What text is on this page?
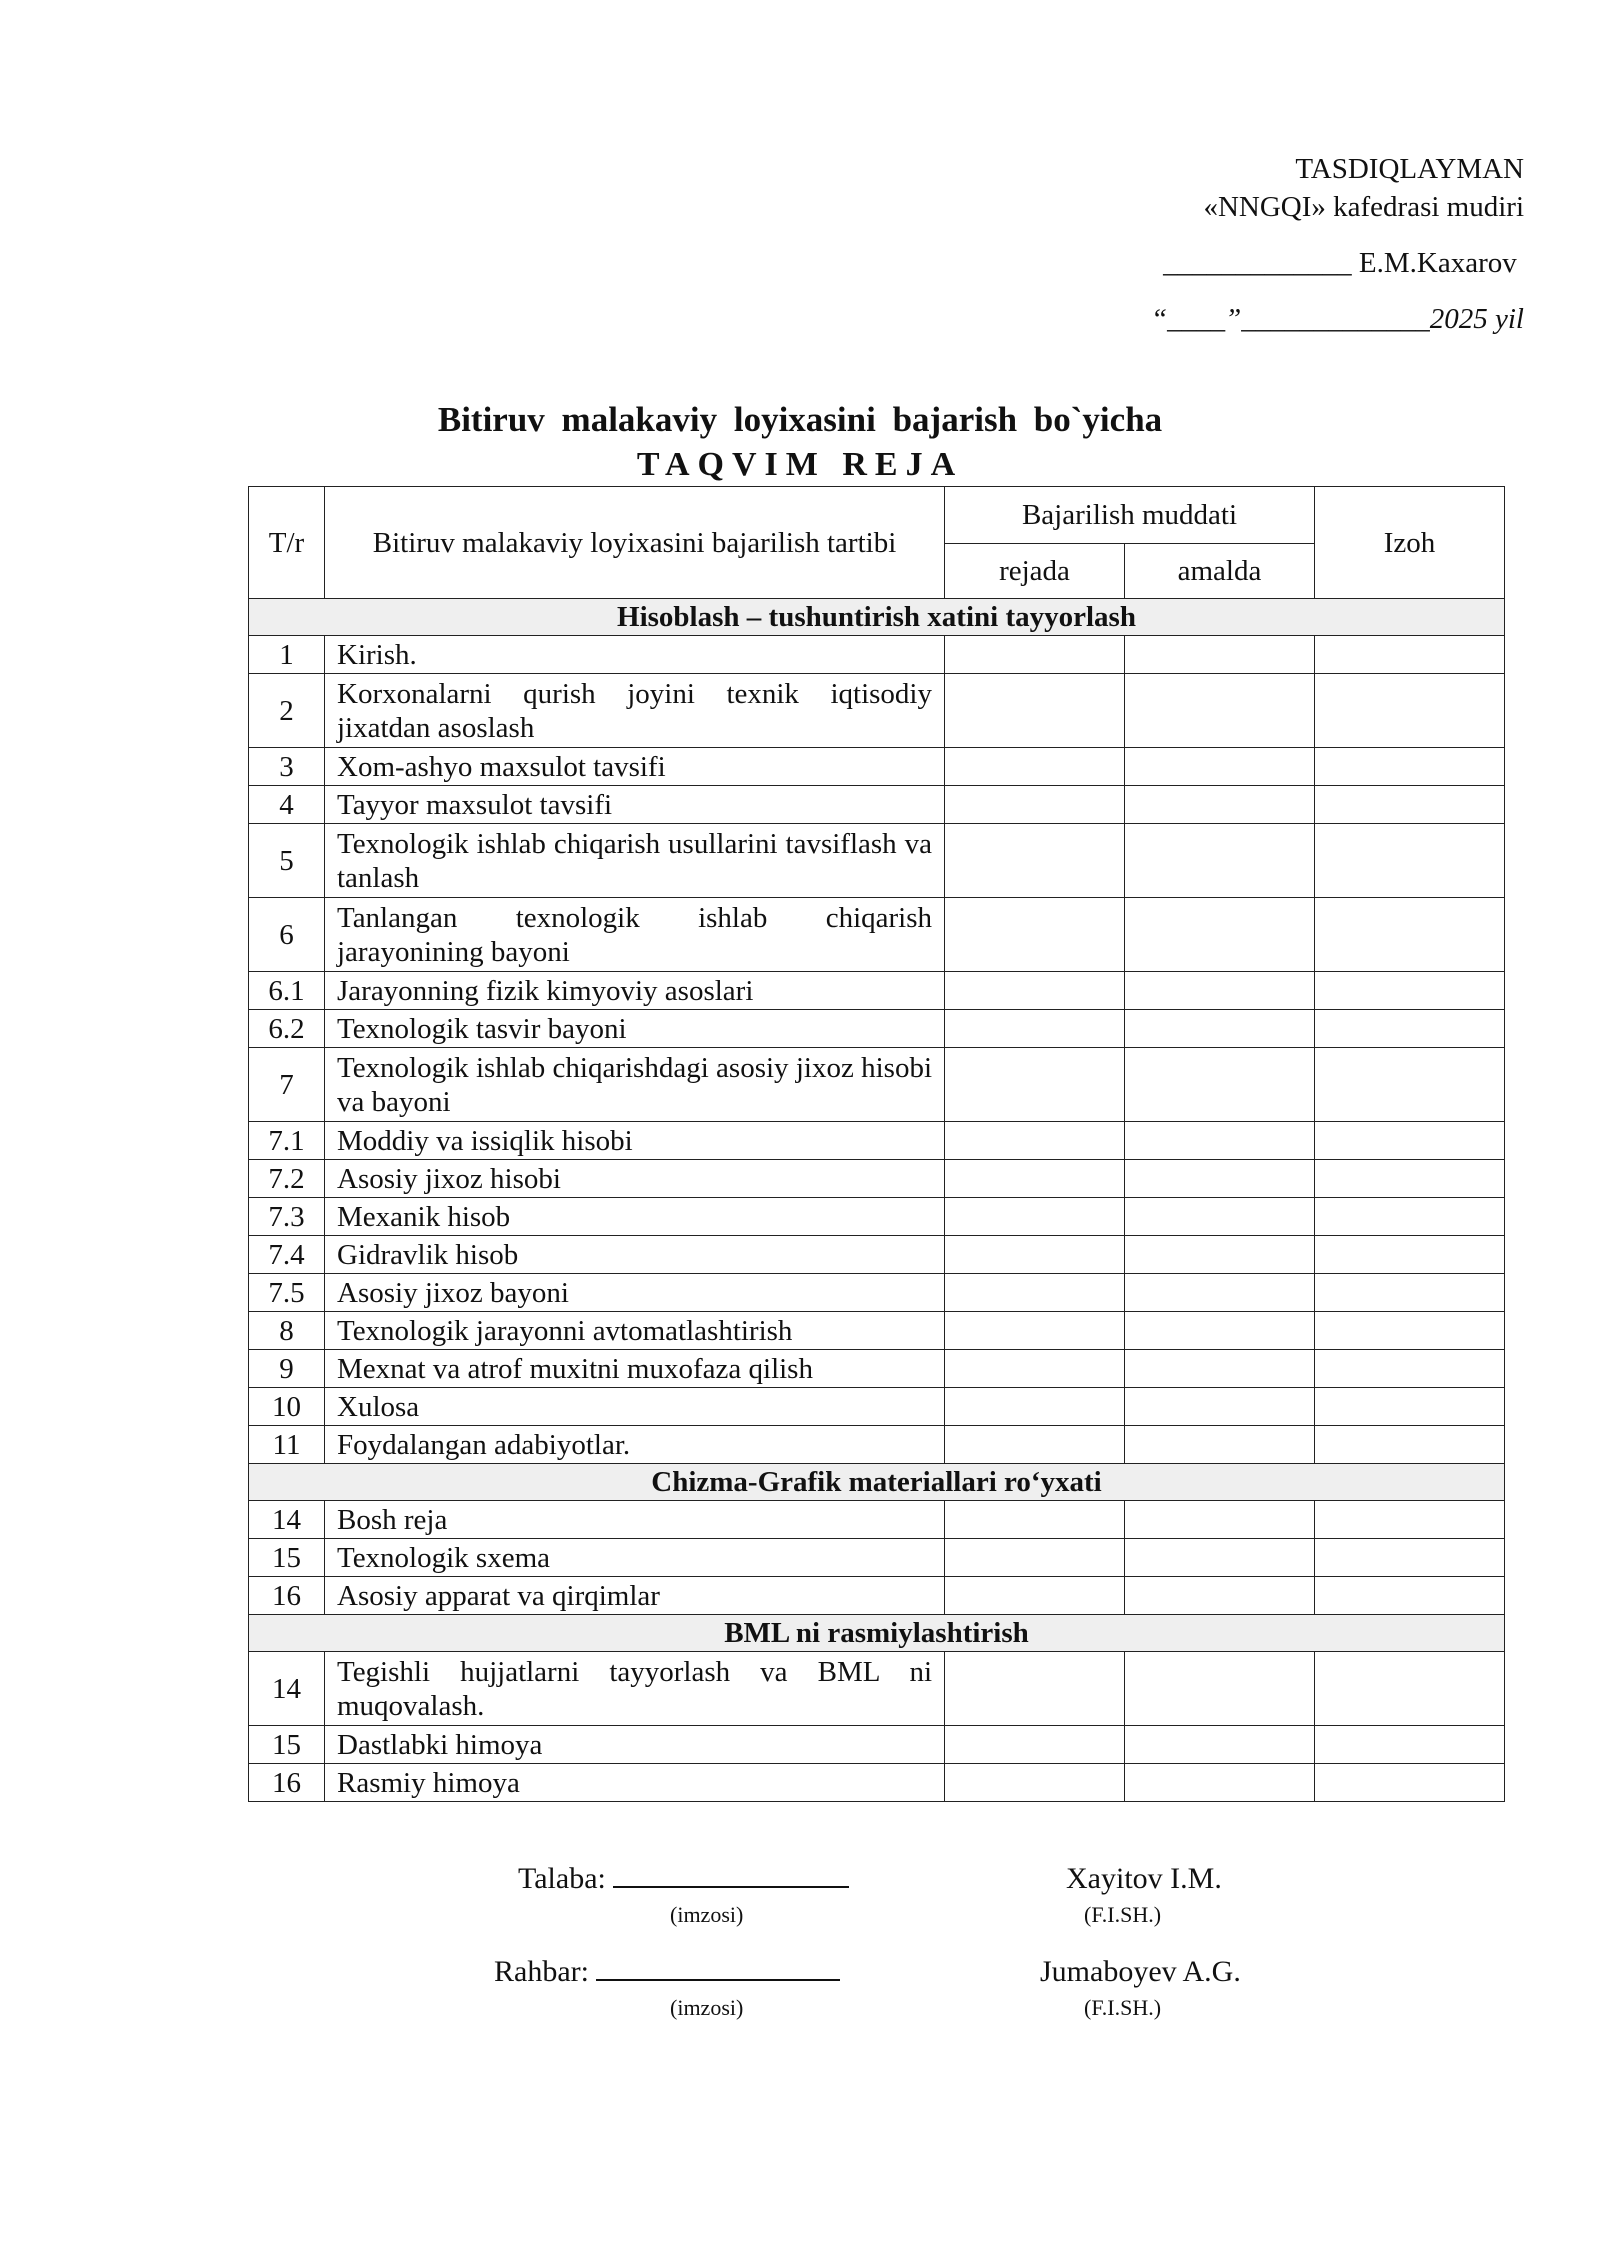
TASDIQLAYMAN
«NNGQI» kafedrasi mudiri
_____________ E.M.Kaxarov
“____”_____________2025 yil
Bitiruv malakaviy loyixasini bajarish bo`yicha
TAQVIM REJA
T/r	Bitiruv malakaviy loyixasini bajarilish tartibi	Bajarilish muddati		Izoh
		rejada	amalda	
Hisoblash – tushuntirish xatini tayyorlash				
1	Kirish.			
2	Korxonalarni qurish joyini texnik iqtisodiy jixatdan asoslash			
3	Xom-ashyo maxsulot tavsifi			
4	Tayyor maxsulot tavsifi			
5	Texnologik ishlab chiqarish usullarini tavsiflash va tanlash			
6	Tanlangan texnologik ishlab chiqarish jarayonining bayoni			
6.1	Jarayonning fizik kimyoviy asoslari			
6.2	Texnologik tasvir bayoni			
7	Texnologik ishlab chiqarishdagi asosiy jixoz hisobi va bayoni			
7.1	Moddiy va issiqlik hisobi			
7.2	Asosiy jixoz hisobi			
7.3	Mexanik hisob			
7.4	Gidravlik hisob			
7.5	Asosiy jixoz bayoni			
8	Texnologik jarayonni avtomatlashtirish			
9	Mexnat va atrof muxitni muxofaza qilish			
10	Xulosa			
11	Foydalangan adabiyotlar.			
Chizma-Grafik materiallari ro‘yxati				
14	Bosh reja			
15	Texnologik sxema			
16	Asosiy apparat va qirqimlar			
BML ni rasmiylashtirish				
14	Tegishli hujjatlarni tayyorlash va BML ni muqovalash.			
15	Dastlabki himoya			
16	Rasmiy himoya			
Talaba:	Xayitov I.M.
(imzosi)	(F.I.SH.)
Rahbar:	Jumaboyev A.G.
(imzosi)	(F.I.SH.)
